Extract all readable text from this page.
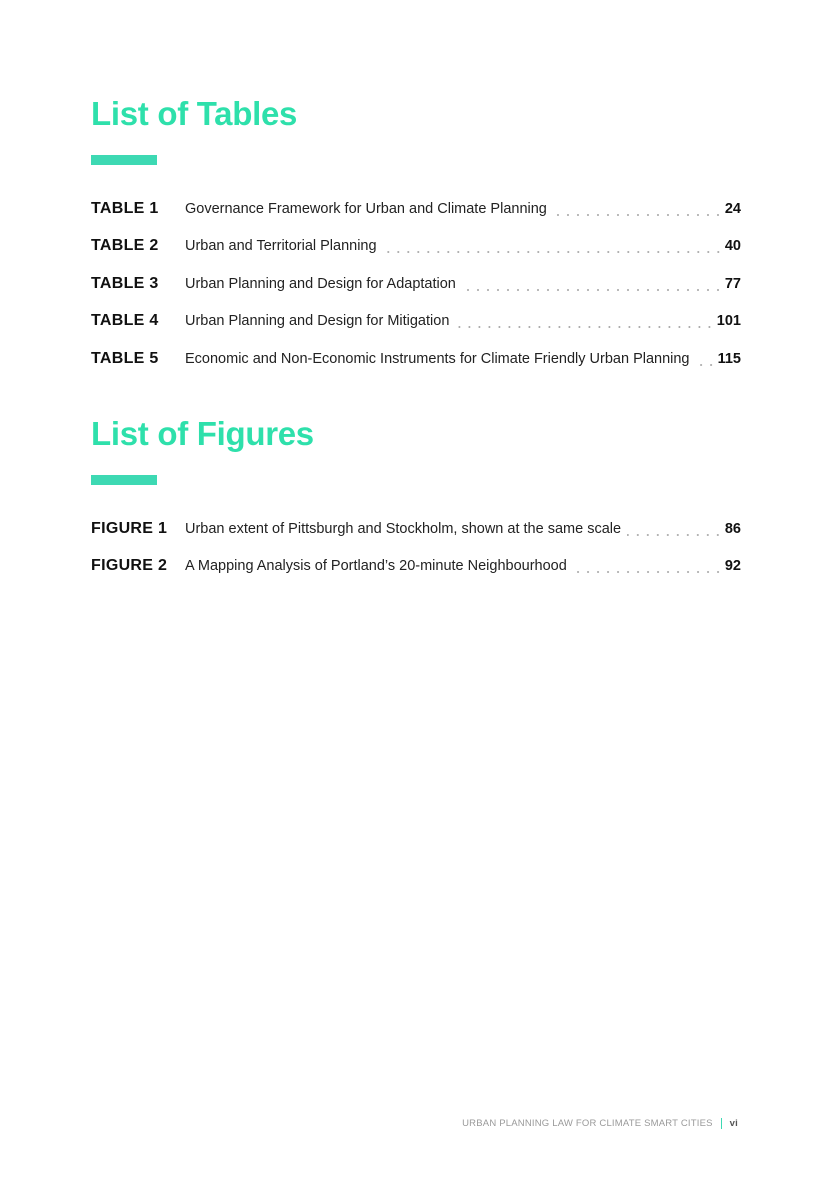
List of Tables
TABLE 1	Governance Framework for Urban and Climate Planning	24
TABLE 2	Urban and Territorial Planning	40
TABLE 3	Urban Planning and Design for Adaptation	77
TABLE 4	Urban Planning and Design for Mitigation	101
TABLE 5	Economic and Non-Economic Instruments for Climate Friendly Urban Planning 115
List of Figures
FIGURE 1	Urban extent of Pittsburgh and Stockholm, shown at the same scale	86
FIGURE 2	A Mapping Analysis of Portland’s 20-minute Neighbourhood	92
URBAN PLANNING LAW FOR CLIMATE SMART CITIES vi
